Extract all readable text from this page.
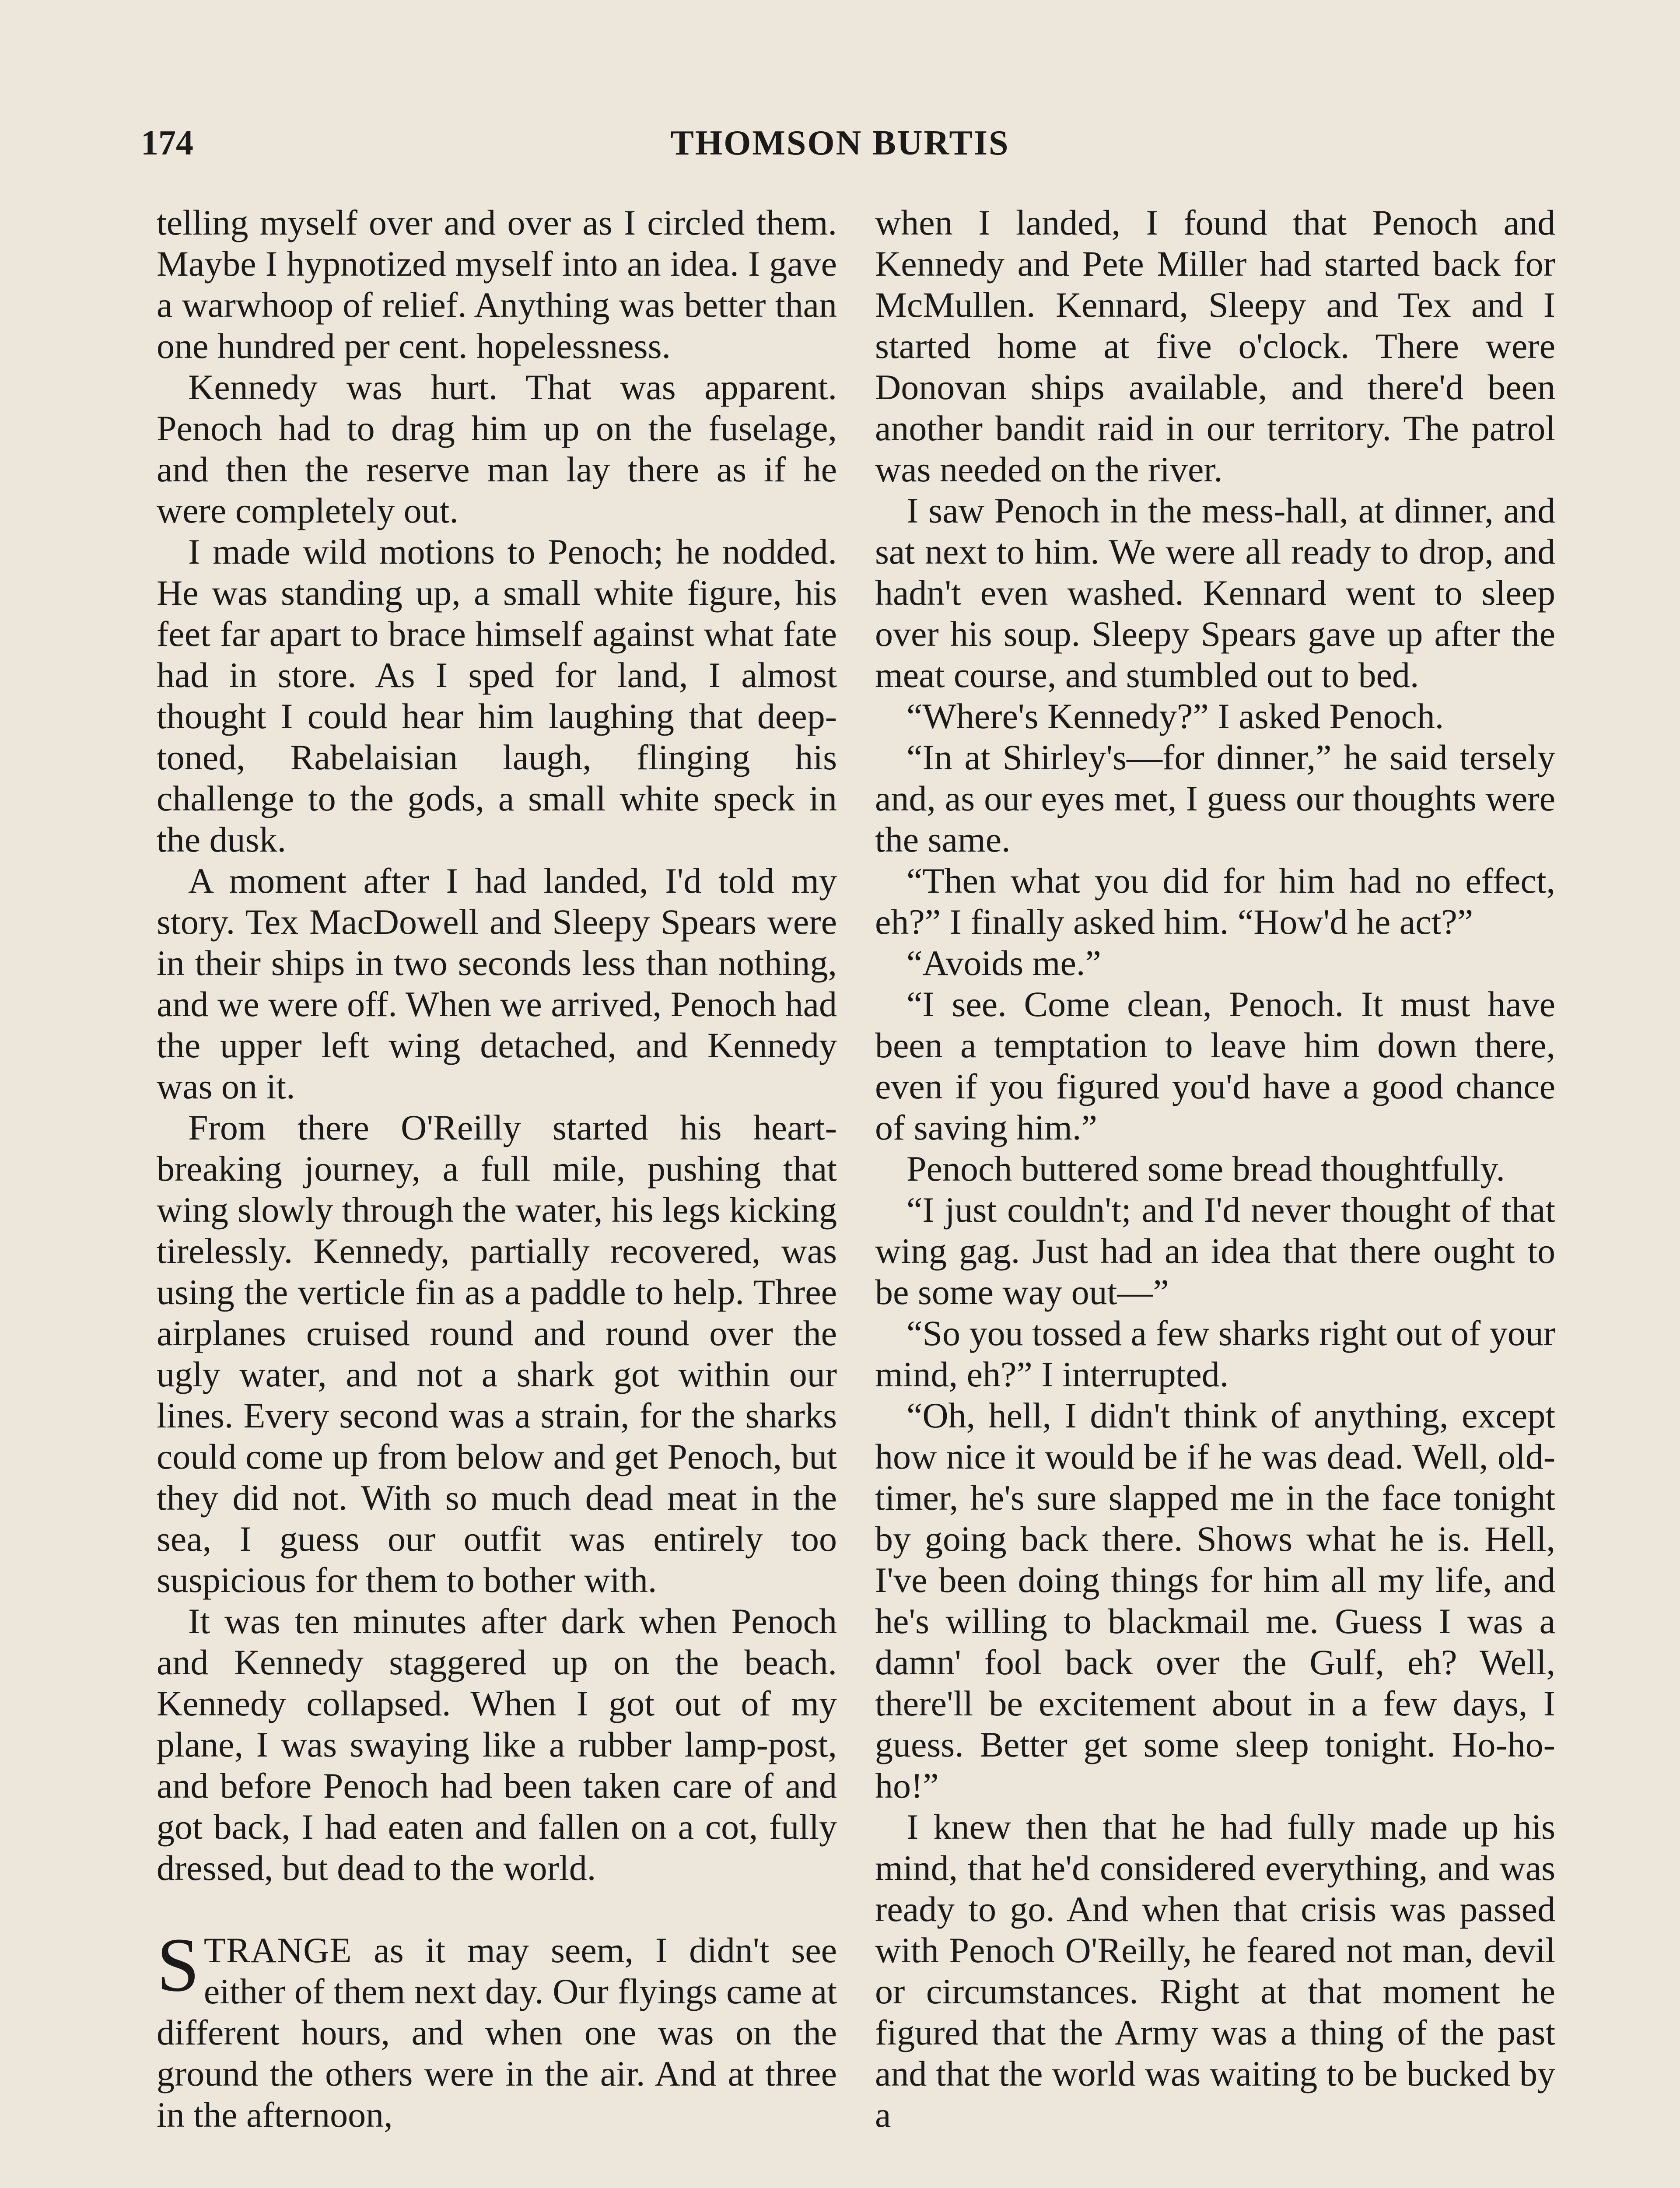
174	THOMSON BURTIS

telling myself over and over as I circled them. Maybe I hypnotized myself into an idea. I gave a warwhoop of relief. Anything was better than one hundred per cent. hopelessness.

Kennedy was hurt. That was apparent. Penoch had to drag him up on the fuselage, and then the reserve man lay there as if he were completely out.

I made wild motions to Penoch; he nodded. He was standing up, a small white figure, his feet far apart to brace himself against what fate had in store. As I sped for land, I almost thought I could hear him laughing that deep-toned, Rabelaisian laugh, flinging his challenge to the gods, a small white speck in the dusk.

A moment after I had landed, I'd told my story. Tex MacDowell and Sleepy Spears were in their ships in two seconds less than nothing, and we were off. When we arrived, Penoch had the upper left wing detached, and Kennedy was on it.

From there O'Reilly started his heart-breaking journey, a full mile, pushing that wing slowly through the water, his legs kicking tirelessly. Kennedy, partially recovered, was using the verticle fin as a paddle to help. Three airplanes cruised round and round over the ugly water, and not a shark got within our lines. Every second was a strain, for the sharks could come up from below and get Penoch, but they did not. With so much dead meat in the sea, I guess our outfit was entirely too suspicious for them to bother with.

It was ten minutes after dark when Penoch and Kennedy staggered up on the beach. Kennedy collapsed. When I got out of my plane, I was swaying like a rubber lamp-post, and before Penoch had been taken care of and got back, I had eaten and fallen on a cot, fully dressed, but dead to the world.

STRANGE as it may seem, I didn't see either of them next day. Our flyings came at different hours, and when one was on the ground the others were in the air. And at three in the afternoon,

when I landed, I found that Penoch and Kennedy and Pete Miller had started back for McMullen. Kennard, Sleepy and Tex and I started home at five o'clock. There were Donovan ships available, and there'd been another bandit raid in our territory. The patrol was needed on the river.

I saw Penoch in the mess-hall, at dinner, and sat next to him. We were all ready to drop, and hadn't even washed. Kennard went to sleep over his soup. Sleepy Spears gave up after the meat course, and stumbled out to bed.

“Where's Kennedy?” I asked Penoch.

“In at Shirley's—for dinner,” he said tersely and, as our eyes met, I guess our thoughts were the same.

“Then what you did for him had no effect, eh?” I finally asked him. “How'd he act?”

“Avoids me.”

“I see. Come clean, Penoch. It must have been a temptation to leave him down there, even if you figured you'd have a good chance of saving him.”

Penoch buttered some bread thoughtfully.

“I just couldn't; and I'd never thought of that wing gag. Just had an idea that there ought to be some way out—”

“So you tossed a few sharks right out of your mind, eh?” I interrupted.

“Oh, hell, I didn't think of anything, except how nice it would be if he was dead. Well, old-timer, he's sure slapped me in the face tonight by going back there. Shows what he is. Hell, I've been doing things for him all my life, and he's willing to blackmail me. Guess I was a damn' fool back over the Gulf, eh? Well, there'll be excitement about in a few days, I guess. Better get some sleep tonight. Ho-ho-ho!”

I knew then that he had fully made up his mind, that he'd considered everything, and was ready to go. And when that crisis was passed with Penoch O'Reilly, he feared not man, devil or circumstances. Right at that moment he figured that the Army was a thing of the past and that the world was waiting to be bucked by a
